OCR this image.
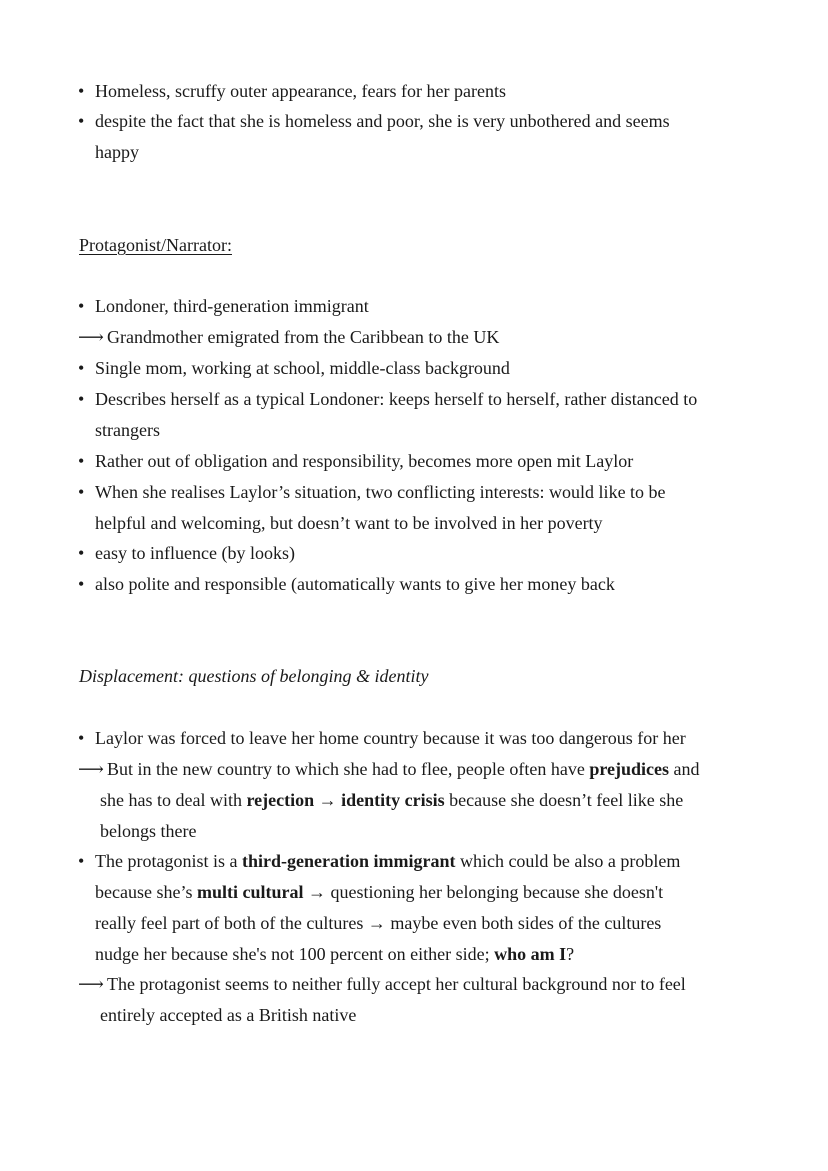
• Homeless, scruffy outer appearance, fears for her parents
• despite the fact that she is homeless and poor, she is very unbothered and seems
happy
Protagonist/Narrator:
• Londoner, third-generation immigrant
⟶ Grandmother emigrated from the Caribbean to the UK
• Single mom, working at school, middle-class background
• Describes herself as a typical Londoner: keeps herself to herself, rather distanced to
strangers
• Rather out of obligation and responsibility, becomes more open mit Laylor
• When she realises Laylor’s situation, two conflicting interests: would like to be
helpful and welcoming, but doesn’t want to be involved in her poverty
• easy to influence (by looks)
• also polite and responsible (automatically wants to give her money back
Displacement: questions of belonging & identity
• Laylor was forced to leave her home country because it was too dangerous for her
⟶ But in the new country to which she had to flee, people often have prejudices and
she has to deal with rejection → identity crisis because she doesn’t feel like she
belongs there
• The protagonist is a third-generation immigrant which could be also a problem
because she’s multi cultural → questioning her belonging because she doesn't
really feel part of both of the cultures → maybe even both sides of the cultures
nudge her because she's not 100 percent on either side; who am I?
⟶ The protagonist seems to neither fully accept her cultural background nor to feel
entirely accepted as a British native
